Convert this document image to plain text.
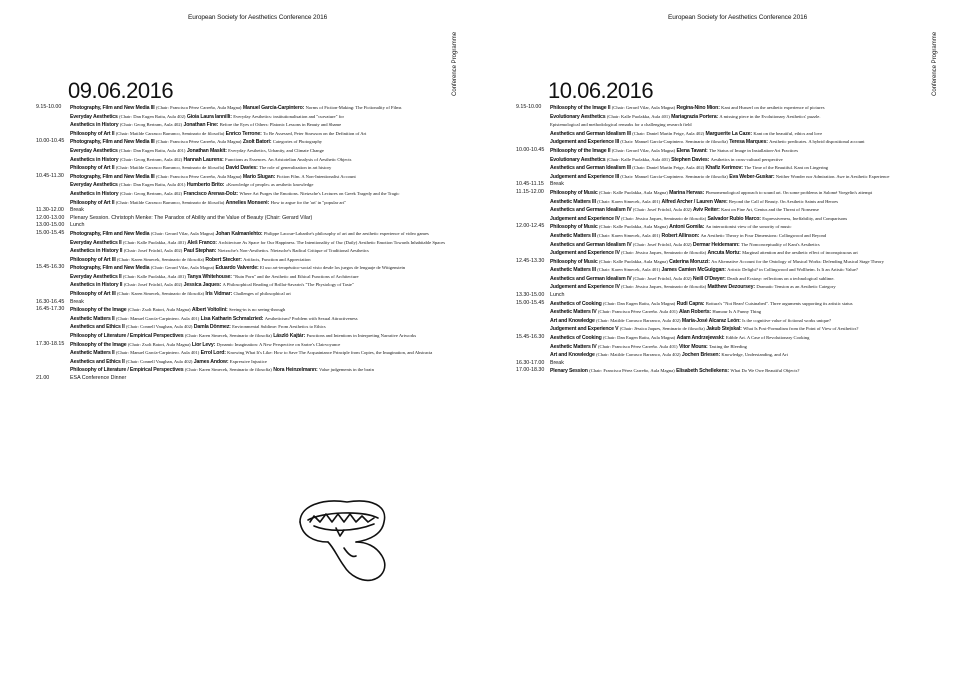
European Society for Aesthetics Conference 2016
Conference Programme
09.06.2016
9.15-10.00	Photography, Film and New Media III (Chair: Francisca Pérez Carreño, Aula Magna) Manuel García-Carpintero: Norms of Fiction-Making: The Fictionality of Films
Everyday Aesthetics (Chair: Dan Eugen Ratiu, Aula 402) Gioia Laura Iannilli: Everyday Aesthetics: institutionalisation and "curvature" for
Aesthetics in History (Chair: Georg Bertram, Aula 402) Jonathan Fine: Before the Eyes of Others: Platonic Lessons in Beauty and Shame
Philosophy of Art II (Chair: Matilde Carrasco Barranco, Seminario de filosofía) Enrico Terrone: To Be Assessed, Peter Strawson on the Definition of Art
10.00-10.45	Photography, Film and New Media III (Chair: Francisca Pérez Carreño, Aula Magna) Zsolt Batori: Categories of Photography
Everyday Aesthetics (Chair: Dan Eugen Ratiu, Aula 401) Jonathan Maskit: Everyday Aesthetics, Urbanity, and Climate Change
Aesthetics in History (Chair: Georg Bertram, Aula 402) Hannah Laurens: Functions as Essences. An Aristotelian Analysis of Aesthetic Objects
Philosophy of Art II (Chair: Matilde Carrasco Barranco, Seminario de filosofía) David Davies: The role of generalization in art history
10.45-11.30	Photography, Film and New Media III (Chair: Francisca Pérez Carreño, Aula Magna) Mario Slugan: Fiction Film. A Non-Intentionalist Account
Everyday Aesthetics (Chair: Dan Eugen Ratiu, Aula 401) Humberto Brito: «Knowledge of people» as aesthetic knowledge
Aesthetics in History (Chair: Georg Bertram, Aula 402) Francisco Arenas-Dolz: Where Art Purges the Emotions. Nietzsche's Lectures on Greek Tragedy and the Tragic
Philosophy of Art II (Chair: Matilde Carrasco Barranco, Seminario de filosofía) Annelies Monseré: How to argue for the 'art' in "popular art"
11.30-12.00	Break
12.00-13.00	Plenary Session. Christoph Menke: The Paradox of Ability and the Value of Beauty (Chair: Gerard Vilar)
13.00-15.00	Lunch
15.00-15.45	Photography, Film and New Media (Chair: Gerard Vilar, Aula Magna) Johan Kalmanlehto: Philippe Lacoue-Labarthe's philosophy of art and the aesthetic experience of video games
Everyday Aesthetics II (Chair: Kalle Puolakka, Aula 401) Aleš Franco: Architecture As Space for Our Happiness. The Intentionality of Our (Daily) Aesthetic Emotion Towards Inhabitable Spaces
Aesthetics in History II (Chair: Josef Früchtl, Aula 402) Paul Stephan: Nietzsche's Non-Aesthetics. Nietzsche's Radical Critique of Traditional Aesthetics
Philosophy of Art III (Chair: Karen Simecek, Seminario de filosofía) Robert Stecker: Artifacts, Function and Appreciation
15.45-16.30	Photography, Film and New Media (Chair: Gerard Vilar, Aula Magna) Eduardo Valverde: El uso art-terapéutico-social visto desde los juegos de lenguaje de Wittgenstein
Everyday Aesthetics II (Chair: Kalle Puolakka, Aula 401) Tanya Whitehouse: "Ruin Porn" and the Aesthetic and Ethical Functions of Architecture
Aesthetics in History II (Chair: Josef Früchtl, Aula 402) Jessica Jaques: A Philosophical Reading of Brillat-Savarin's "The Physiology of Taste"
Philosophy of Art III (Chair: Karen Simecek, Seminario de filosofía) Iris Vidmar: Challenges of philosophical art
16.30-16.45	Break
16.45-17.30	Philosophy of the Image (Chair: Zsolt Batori, Aula Magna) Albert Voltolini: Seeing-in is no seeing-through
Aesthetic Matters II (Chair: Manuel García-Carpintero. Aula 401) Lisa Katharin Schmalzried: Aestheticism? Problem with Sexual Attractiveness
Aesthetics and Ethics II (Chair: Connell Vaughan, Aula 402) Damla Dönmez: Environmental Sublime: From Aesthetics to Ethics
Philosophy of Literature / Empirical Perspectives (Chair: Karen Simecek, Seminario de filosofía) László Kajtár: Functions and Intentions in Interpreting Narrative Artworks
17.30-18.15	Philosophy of the Image (Chair: Zsolt Batori, Aula Magna) Lior Levy: Dynamic Imagination: A New Perspective on Sartre's Clairvoyance
Aesthetic Matters II (Chair: Manuel García-Carpintero. Aula 401) Errol Lord: Knowing What It's Like: How to Save The Acquaintance Principle from Copies, the Imagination, and Abstracta
Aesthetics and Ethics II (Chair: Connell Vaughan, Aula 402) James Andow: Expressive Injustice
Philosophy of Literature / Empirical Perspectives (Chair: Karen Simecek, Seminario de filosofía) Nora Heinzelmann: Value judgements in the brain
21.00	ESA Conference Dinner
European Society for Aesthetics Conference 2016
Conference Programme
10.06.2016
9.15-10.00	Philosophy of the Image II (Chair: Gerard Vilar, Aula Magna) Regina-Nino Mion: Kant and Husserl on the aesthetic experience of pictures
Evolutionary Aesthetics (Chair: Kalle Puolakka, Aula 401) Mariagrazia Portera: A missing piece in the Evolutionary Aesthetics' puzzle.
Epistemological and methodological remarks for a challenging research field
Aesthetics and German Idealism III (Chair: Daniel Martín Feige, Aula 402) Marguerite La Caze: Kant on the beautiful, ethics and love
Judgement and Experience III (Chair: Manuel García-Carpintero. Seminario de filosofía) Teresa Marques: Aesthetic predicates. A hybrid dispositional account
10.00-10.45	Philosophy of the Image II (Chair: Gerard Vilar, Aula Magna) Elena Tavani: The Status of Image in Installation-Art Practices
Evolutionary Aesthetics (Chair: Kalle Puolakka, Aula 401) Stephen Davies: Aesthetics in cross-cultural perspective
Aesthetics and German Idealism III (Chair: Daniel Martín Feige, Aula 402) Khafiz Kerimov: The Time of the Beautiful. Kant on Lingering
Judgement and Experience III (Chair: Manuel García-Carpintero. Seminario de filosofía) Eva Weber-Guskar: Neither Wonder nor Admiration. Awe in Aesthetic Experience
10.45-11.15	Break
11.15-12.00	Philosophy of Music (Chair: Kalle Puolakka, Aula Magna) Marina Hervas: Phenomenological approach to sound art. On some problems in Salomé Voegelin's attempt
Aesthetic Matters III (Chair: Karen Simecek, Aula 401) Alfred Archer / Lauren Ware: Beyond the Call of Beauty. On Aesthetic Saints and Heroes
Aesthetics and German Idealism IV (Chair: Josef Früchtl, Aula 402) Aviv Reiter: Kant on Fine Art, Genius and the Threat of Nonsense
Judgement and Experience IV (Chair: Jèssica Jaques, Seminario de filosofía) Salvador Rubio Marco: Expressiveness, Ineffability, and Comparisons
12.00-12.45	Philosophy of Music (Chair: Kalle Puolakka, Aula Magna) Antoni Gomila: An interactionist view of the sonority of music
Aesthetic Matters III (Chair: Karen Simecek, Aula 401) Robert Allinson: An Aesthetic Theory in Four Dimensions: Collingwood and Beyond
Aesthetics and German Idealism IV (Chair: Josef Früchtl, Aula 402) Dermar Heidemann: The Nonconceptuality of Kant's Aesthetics
Judgement and Experience IV (Chair: Jèssica Jaques, Seminario de filosofía) Ancuta Mortu: Marginal attention and the aesthetic effect of inconspicuous art
12.45-13.30	Philosophy of Music (Chair: Kalle Puolakka, Aula Magna) Caterina Moruzzi: An Alternative Account for the Ontology of Musical Works: Defending Musical Stage Theory
Aesthetic Matters III (Chair: Karen Simecek, Aula 401) James Camien McGuiggan: Artistic Delight? in Collingwood and Wollheim. Is It an Artistic Value?
Aesthetics and German Idealism IV (Chair: Josef Früchtl, Aula 402) Neill O'Dwyer: Death and Ecstasy: reflections on a technological sublime.
Judgement and Experience IV (Chair: Jèssica Jaques, Seminario de filosofía) Matthew Dezoursey: Dramatic Tension as an Aesthetic Category
13.30-15.00	Lunch
15.00-15.45	Aesthetics of Cooking (Chair: Dan Eugen Ratiu, Aula Magna) Rudi Capra: Bottura's "Not Bean! Cuisinabed". Three arguments supporting its artistic status
Aesthetic Matters IV (Chair: Francisca Pérez Carreño. Aula 401) Alan Roberts: Humour Is A Funny Thing
Art and Knowledge (Chair: Matilde Carrasco Barranco, Aula 402) María-José Alcaraz León: Is the cognitive value of fictional works unique?
Judgement and Experience V (Chair: Jèssica Jaques, Seminario de filosofía) Jakub Stejskal: What Is Post-Formalism from the Point of View of Aesthetics?
15.45-16.30	Aesthetics of Cooking (Chair: Dan Eugen Ratiu, Aula Magna) Adam Andrzejewski: Edible Art. A Case of Revolutionary Cooking
Aesthetic Matters IV (Chair: Francisca Pérez Carreño. Aula 401) Vitor Moura: Tasting the Bleeding
Art and Knowledge (Chair: Matilde Carrasco Barranco, Aula 402) Jochen Briesen: Knowledge, Understanding, and Art
16.30-17.00	Break
17.00-18.30	Plenary Session (Chair: Francisca Pérez Carreño, Aula Magna) Elisabeth Schellekens: What Do We Owe Beautiful Objects?
